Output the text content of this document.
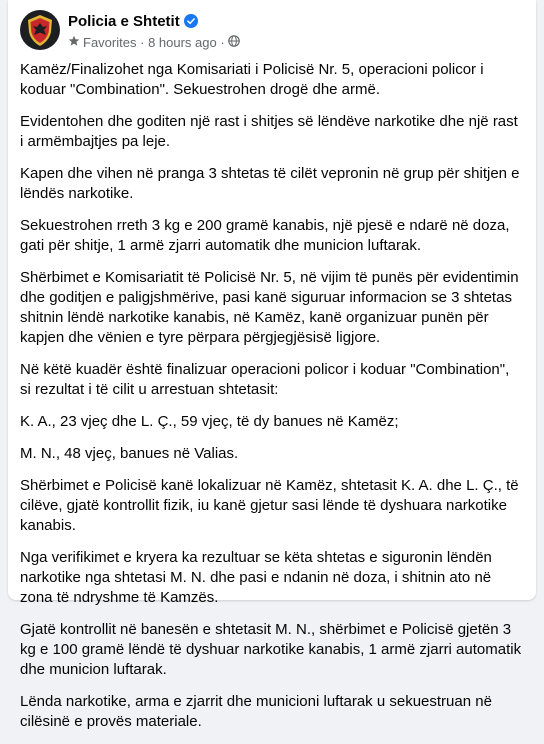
Policia e Shtetit
Favorites · 8 hours ago ·

Kamëz/Finalizohet nga Komisariati i Policisë Nr. 5, operacioni policor i koduar "Combination". Sekuestrohen drogë dhe armë.

Evidentohen dhe goditen një rast i shitjes së lëndëve narkotike dhe një rast i armëmbajtjes pa leje.

Kapen dhe vihen në pranga 3 shtetas të cilët vepronin në grup për shitjen e lëndës narkotike.

Sekuestrohen rreth 3 kg e 200 gramë kanabis, një pjesë e ndarë në doza, gati për shitje, 1 armë zjarri automatik dhe municion luftarak.

Shërbimet e Komisariatit të Policisë Nr. 5, në vijim të punës për evidentimin dhe goditjen e paligjshmërive, pasi kanë siguruar informacion se 3 shtetas shitnin lëndë narkotike kanabis, në Kamëz, kanë organizuar punën për kapjen dhe vënien e tyre përpara përgjegjësisë ligjore.

Në këtë kuadër është finalizuar operacioni policor i koduar "Combination", si rezultat i të cilit u arrestuan shtetasit:

K. A., 23 vjeç dhe L. Ç., 59 vjeç, të dy banues në Kamëz;

M. N., 48 vjeç, banues në Valias.

Shërbimet e Policisë kanë lokalizuar në Kamëz, shtetasit K. A. dhe L. Ç., të cilëve, gjatë kontrollit fizik, iu kanë gjetur sasi lënde të dyshuara narkotike kanabis.

Nga verifikimet e kryera ka rezultuar se këta shtetas e siguronin lëndën narkotike nga shtetasi M. N. dhe pasi e ndanin në doza, i shitnin ato në zona të ndryshme të Kamzës.

Gjatë kontrollit në banesën e shtetasit M. N., shërbimet e Policisë gjetën 3 kg e 100 gramë lëndë të dyshuar narkotike kanabis, 1 armë zjarri automatik dhe municion luftarak.

Lënda narkotike, arma e zjarrit dhe municioni luftarak u sekuestruan në cilësinë e provës materiale.
